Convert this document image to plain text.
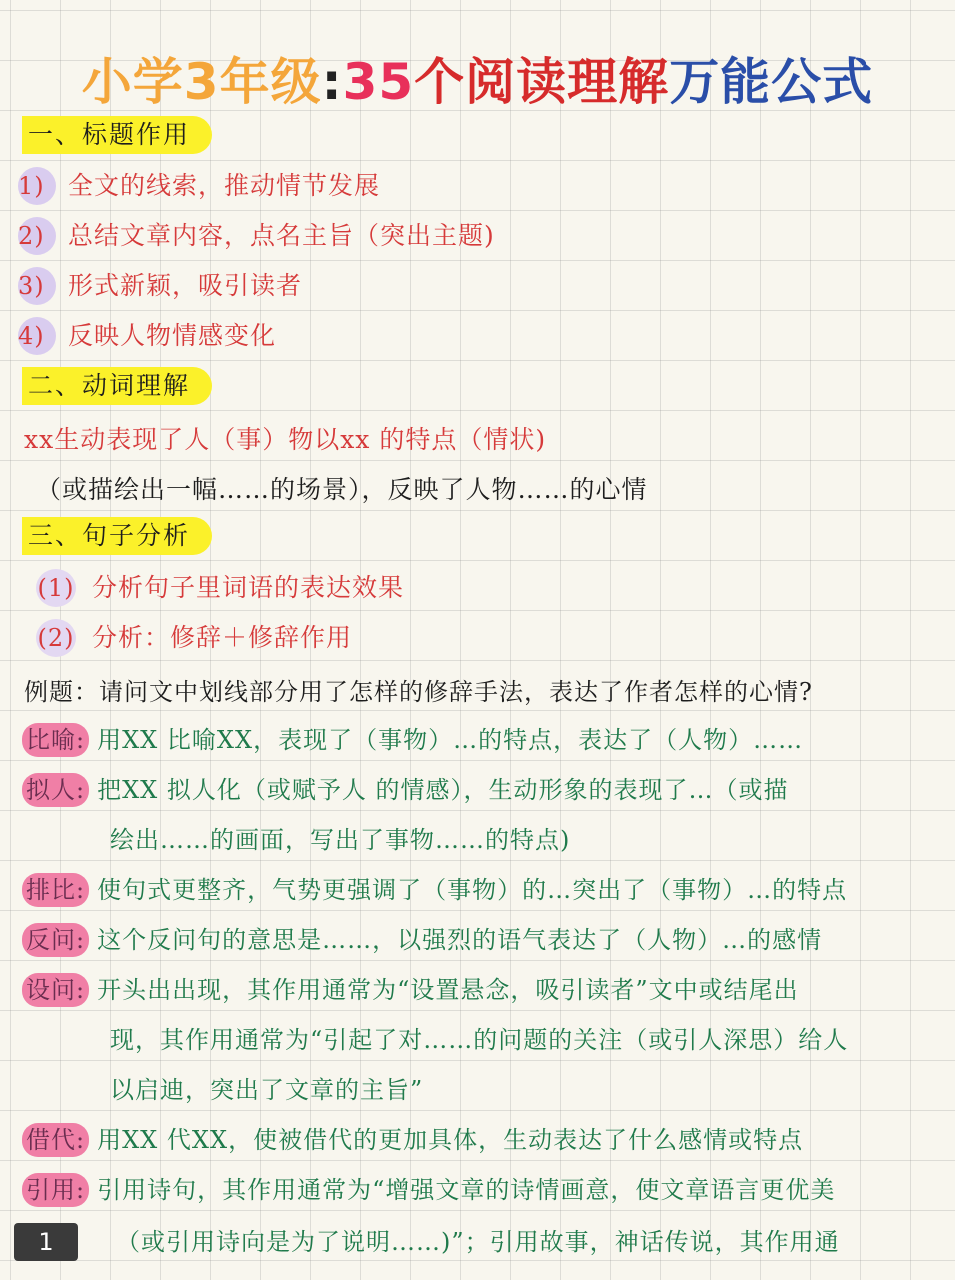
小学3年级:35个阅读理解万能公式
一、标题作用
1) 全文的线索，推动情节发展
2) 总结文章内容，点名主旨（突出主题)
3) 形式新颖，吸引读者
4) 反映人物情感变化
二、动词理解
xx生动表现了人（事）物以xx 的特点（情状)
（或描绘出一幅……的场景），反映了人物……的心情
三、句子分析
(1) 分析句子里词语的表达效果
(2) 分析：修辞＋修辞作用
例题：请问文中划线部分用了怎样的修辞手法，表达了作者怎样的心情?
比喻: 用XX 比喻XX，表现了（事物）…的特点，表达了（人物）……
拟人: 把XX 拟人化（或赋予人 的情感），生动形象的表现了…（或描
绘出……的画面，写出了事物……的特点)
排比: 使句式更整齐，气势更强调了（事物）的…突出了（事物）…的特点
反问: 这个反问句的意思是……，以强烈的语气表达了（人物）…的感情
设问: 开头出出现，其作用通常为“设置悬念，吸引读者”文中或结尾出
现，其作用通常为“引起了对……的问题的关注（或引人深思）给人
以启迪，突出了文章的主旨”
借代: 用XX 代XX，使被借代的更加具体，生动表达了什么感情或特点
引用: 引用诗句，其作用通常为“增强文章的诗情画意，使文章语言更优美
（或引用诗向是为了说明……)”；引用故事，神话传说，其作用通
1
